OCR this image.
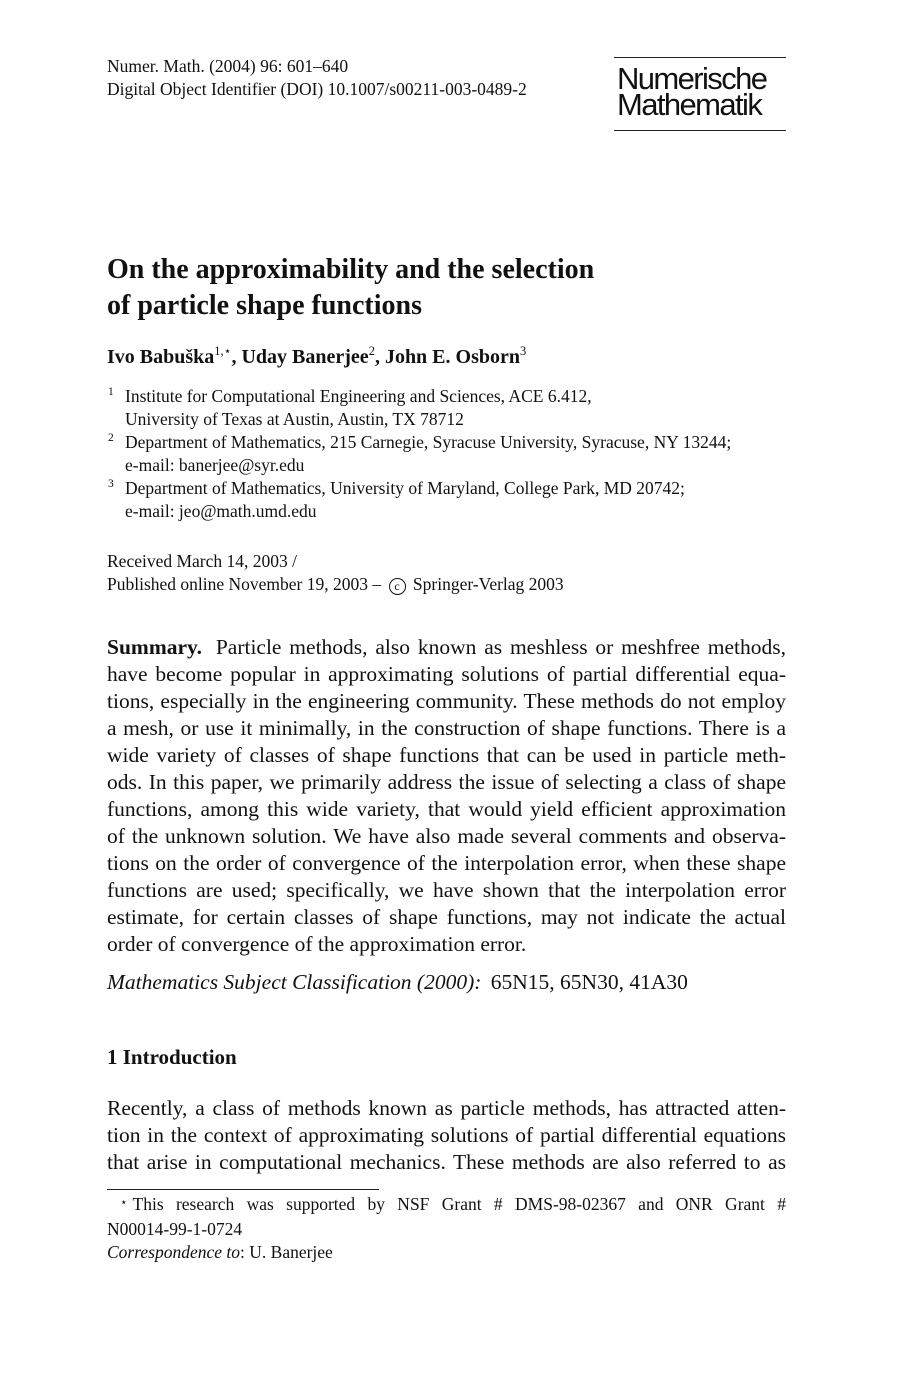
Numer. Math. (2004) 96: 601–640
Digital Object Identifier (DOI) 10.1007/s00211-003-0489-2	Numerische
Mathematik
On the approximability and the selection
of particle shape functions
Ivo Babuška$^{1,⋆}$, Uday Banerjee$^2$, John E. Osborn$^3$
1 Institute for Computational Engineering and Sciences, ACE 6.412,
University of Texas at Austin, Austin, TX 78712
2 Department of Mathematics, 215 Carnegie, Syracuse University, Syracuse, NY 13244;
e-mail: banerjee@syr.edu
3 Department of Mathematics, University of Maryland, College Park, MD 20742;
e-mail: jeo@math.umd.edu
Received March 14, 2003 /
Published online November 19, 2003 – c Springer-Verlag 2003
Summary. Particle methods, also known as meshless or meshfree methods,
have become popular in approximating solutions of partial differential equa-
tions, especially in the engineering community. These methods do not employ
a mesh, or use it minimally, in the construction of shape functions. There is a
wide variety of classes of shape functions that can be used in particle meth-
ods. In this paper, we primarily address the issue of selecting a class of shape
functions, among this wide variety, that would yield efficient approximation
of the unknown solution. We have also made several comments and observa-
tions on the order of convergence of the interpolation error, when these shape
functions are used; specifically, we have shown that the interpolation error
estimate, for certain classes of shape functions, may not indicate the actual
order of convergence of the approximation error.
Mathematics Subject Classification (2000): 65N15, 65N30, 41A30
1 Introduction
Recently, a class of methods known as particle methods, has attracted atten-
tion in the context of approximating solutions of partial differential equations
that arise in computational mechanics. These methods are also referred to as
⋆ This research was supported by NSF Grant # DMS-98-02367 and ONR Grant #
N00014-99-1-0724
Correspondence to: U. Banerjee
